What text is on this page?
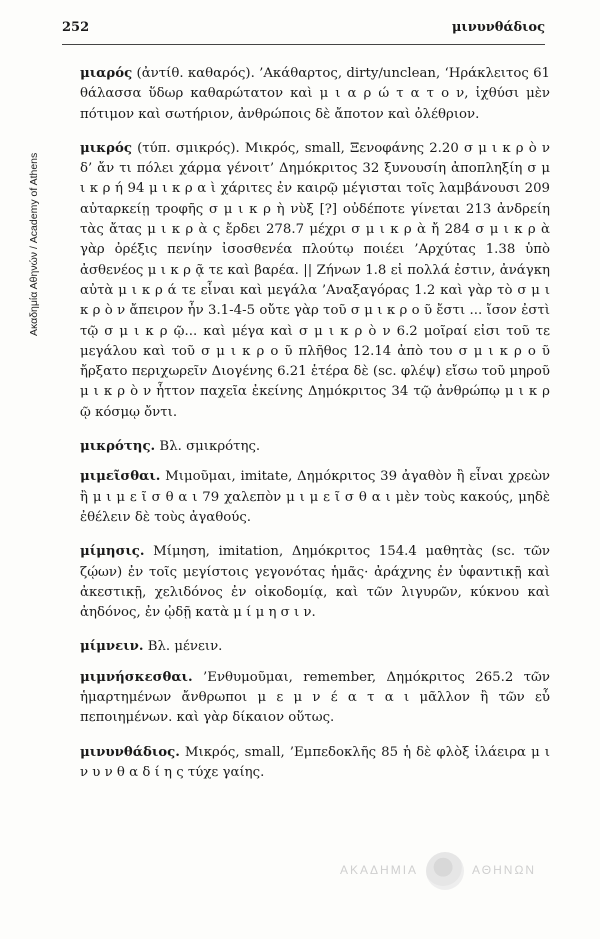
Ακαδημία Αθηνών / Academy of Athens
252	μινυνθάδιος

μιαρός (ἀντίθ. καθαρός). ’Ακάθαρτος, dirty/unclean, ‘Ηράκλειτος 61 θάλασσα ὕδωρ καθαρώτατον καὶ μ ι α ρ ώ τ α τ ο ν, ἰχθύσι μὲν πότιμον καὶ σωτήριον, ἀνθρώποις δὲ ἄποτον καὶ ὀλέθριον.

μικρός (τύπ. σμικρός). Μικρός, small, Ξενοφάνης 2.20 σ μ ι κ ρ ὸ ν δ’ ἄν τι πόλει χάρμα γένοιτ’ Δημόκριτος 32 ξυνουσίη ἀποπληξίη σ μ ι κ ρ ή 94 μ ι κ ρ α ὶ χάριτες ἐν καιρῷ μέγισται τοῖς λαμβάνουσι 209 αὐταρκείῃ τροφῆς σ μ ι κ ρ ὴ νὺξ [?] οὐδέποτε γίνεται 213 ἀνδρείη τὰς ἄτας μ ι κ ρ ὰ ς ἔρδει 278.7 μέχρι σ μ ι κ ρ ὰ ἤ 284 σ μ ι κ ρ ὰ γὰρ ὀρέξις πενίην ἰσοσθενέα πλούτῳ ποιέει ’Αρχύτας 1.38 ὑπὸ ἀσθενέος μ ι κ ρ ᾷ τε καὶ βαρέα. || Ζήνων 1.8 εἰ πολλά ἐστιν, ἀνάγκη αὐτὰ μ ι κ ρ ά τε εἶναι καὶ μεγάλα ’Αναξαγόρας 1.2 καὶ γὰρ τὸ σ μ ι κ ρ ὸ ν ἄπειρον ἦν 3.1-4-5 οὔτε γὰρ τοῦ σ μ ι κ ρ ο ῦ ἔστι ... ἴσον ἐστὶ τῷ σ μ ι κ ρ ῷ... καὶ μέγα καὶ σ μ ι κ ρ ὸ ν 6.2 μοῖραί εἰσι τοῦ τε μεγάλου καὶ τοῦ σ μ ι κ ρ ο ῦ πλῆθος 12.14 ἀπὸ του σ μ ι κ ρ ο ῦ ἤρξατο περιχωρεῖν Διογένης 6.21 ἑτέρα δὲ (sc. φλέψ) εἴσω τοῦ μηροῦ μ ι κ ρ ὸ ν ἧττον παχεῖα ἐκείνης Δημόκριτος 34 τῷ ἀνθρώπῳ μ ι κ ρ ῷ κόσμῳ ὄντι.

μικρότης. Βλ. σμικρότης.

μιμεῖσθαι. Μιμοῦμαι, imitate, Δημόκριτος 39 ἀγαθὸν ἢ εἶναι χρεὼν ἢ μ ι μ ε ῖ σ θ α ι 79 χαλεπὸν μ ι μ ε ῖ σ θ α ι μὲν τοὺς κακούς, μηδὲ ἐθέλειν δὲ τοὺς ἀγαθούς.

μίμησις. Μίμηση, imitation, Δημόκριτος 154.4 μαθητὰς (sc. τῶν ζῴων) ἐν τοῖς μεγίστοις γεγονότας ἡμᾶς· ἀράχνης ἐν ὑφαντικῇ καὶ ἀκεστικῇ, χελιδόνος ἐν οἰκοδομίᾳ, καὶ τῶν λιγυρῶν, κύκνου καὶ ἀηδόνος, ἐν ᾠδῇ κατὰ μ ί μ η σ ι ν.

μίμνειν. Βλ. μένειν.

μιμνήσκεσθαι. ’Ενθυμοῦμαι, remember, Δημόκριτος 265.2 τῶν ἡμαρτημένων ἄνθρωποι μ ε μ ν έ α τ α ι μᾶλλον ἢ τῶν εὖ πεποιημένων. καὶ γὰρ δίκαιον οὕτως.

μινυνθάδιος. Μικρός, small, ’Εμπεδοκλῆς 85 ἡ δὲ φλὸξ ἱλάειρα μ ι ν υ ν θ α δ ί η ς τύχε γαίης.

ΑΚΑΔΗΜΙΑ	ΑΘΗΝΩΝ
